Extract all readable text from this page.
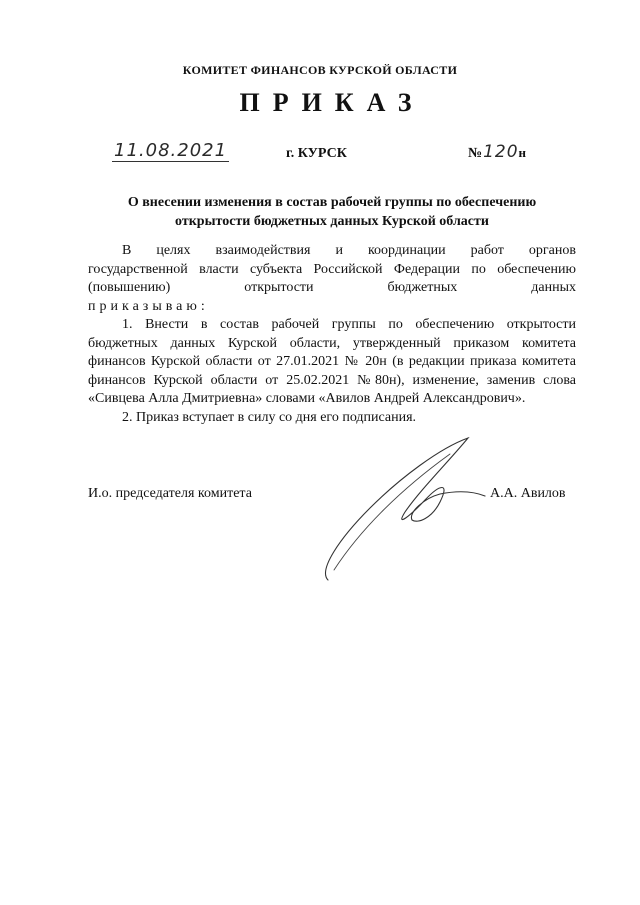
КОМИТЕТ ФИНАНСОВ КУРСКОЙ ОБЛАСТИ
ПРИКАЗ
11.08.2021	г. КУРСК	№120н
О внесении изменения в состав рабочей группы по обеспечению
открытости бюджетных данных Курской области

В целях взаимодействия и координации работ органов

государственной власти субъекта Российской Федерации по обеспечению

(повышению) открытости бюджетных данных

приказываю:

1. Внести в состав рабочей группы по обеспечению открытости бюджетных данных Курской области, утвержденный приказом комитета финансов Курской области от 27.01.2021 № 20н (в редакции приказа комитета финансов Курской области от 25.02.2021 №80н), изменение, заменив слова «Сивцева Алла Дмитриевна» словами «Авилов Андрей Александрович».

2. Приказ вступает в силу со дня его подписания.

И.о. председателя комитета	А.А. Авилов
